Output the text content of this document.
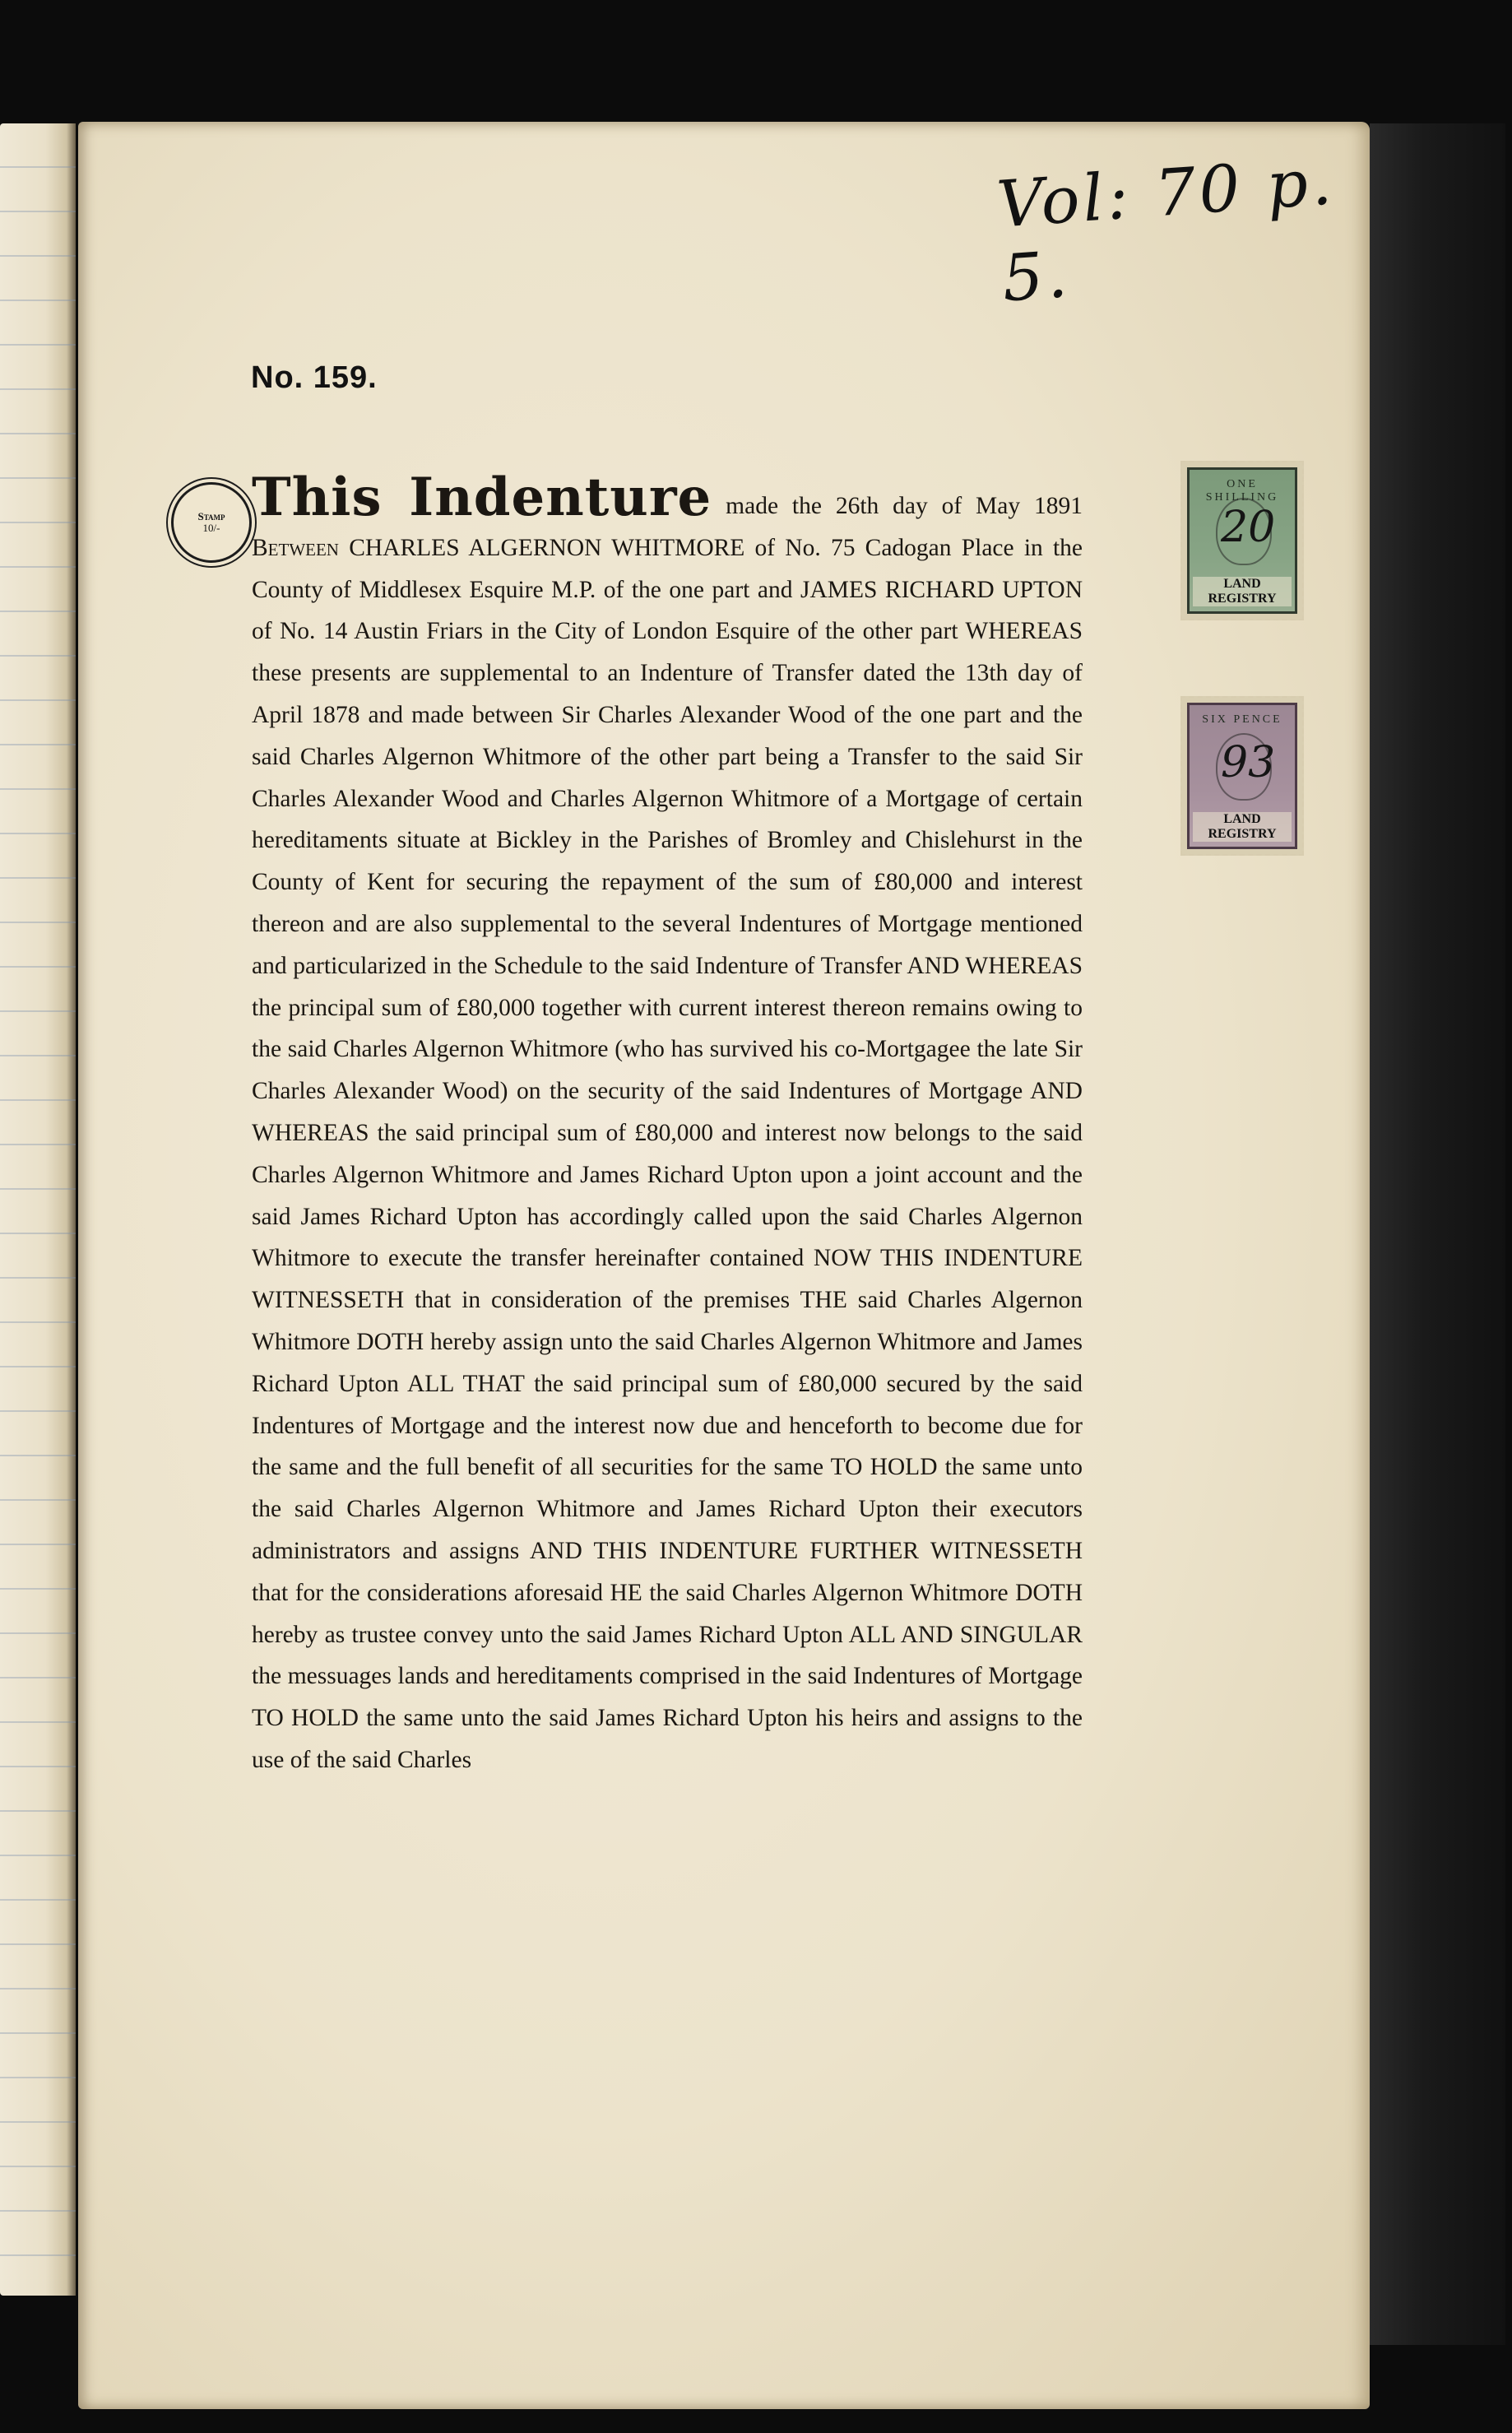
Vol: 70 p. 5.
No. 159.
Stamp
10/-
ONE SHILLING
20
LAND
REGISTRY
SIX PENCE
93
LAND
REGISTRY

This Indenture made the 26th day of May 1891 Between CHARLES ALGERNON WHITMORE of No. 75 Cadogan Place in the County of Middlesex Esquire M.P. of the one part and JAMES RICHARD UPTON of No. 14 Austin Friars in the City of London Esquire of the other part WHEREAS these presents are supplemental to an Indenture of Transfer dated the 13th day of April 1878 and made between Sir Charles Alexander Wood of the one part and the said Charles Algernon Whitmore of the other part being a Transfer to the said Sir Charles Alexander Wood and Charles Algernon Whitmore of a Mortgage of certain hereditaments situate at Bickley in the Parishes of Bromley and Chislehurst in the County of Kent for securing the repayment of the sum of £80,000 and interest thereon and are also supplemental to the several Indentures of Mortgage mentioned and particularized in the Schedule to the said Indenture of Transfer AND WHEREAS the principal sum of £80,000 together with current interest thereon remains owing to the said Charles Algernon Whitmore (who has survived his co-Mortgagee the late Sir Charles Alexander Wood) on the security of the said Indentures of Mortgage AND WHEREAS the said principal sum of £80,000 and interest now belongs to the said Charles Algernon Whitmore and James Richard Upton upon a joint account and the said James Richard Upton has accordingly called upon the said Charles Algernon Whitmore to execute the transfer hereinafter contained NOW THIS INDENTURE WITNESSETH that in consideration of the premises THE said Charles Algernon Whitmore DOTH hereby assign unto the said Charles Algernon Whitmore and James Richard Upton ALL THAT the said principal sum of £80,000 secured by the said Indentures of Mortgage and the interest now due and henceforth to become due for the same and the full benefit of all securities for the same TO HOLD the same unto the said Charles Algernon Whitmore and James Richard Upton their executors administrators and assigns AND THIS INDENTURE FURTHER WITNESSETH that for the considerations aforesaid HE the said Charles Algernon Whitmore DOTH hereby as trustee convey unto the said James Richard Upton ALL AND SINGULAR the messuages lands and hereditaments comprised in the said Indentures of Mortgage TO HOLD the same unto the said James Richard Upton his heirs and assigns to the use of the said Charles
